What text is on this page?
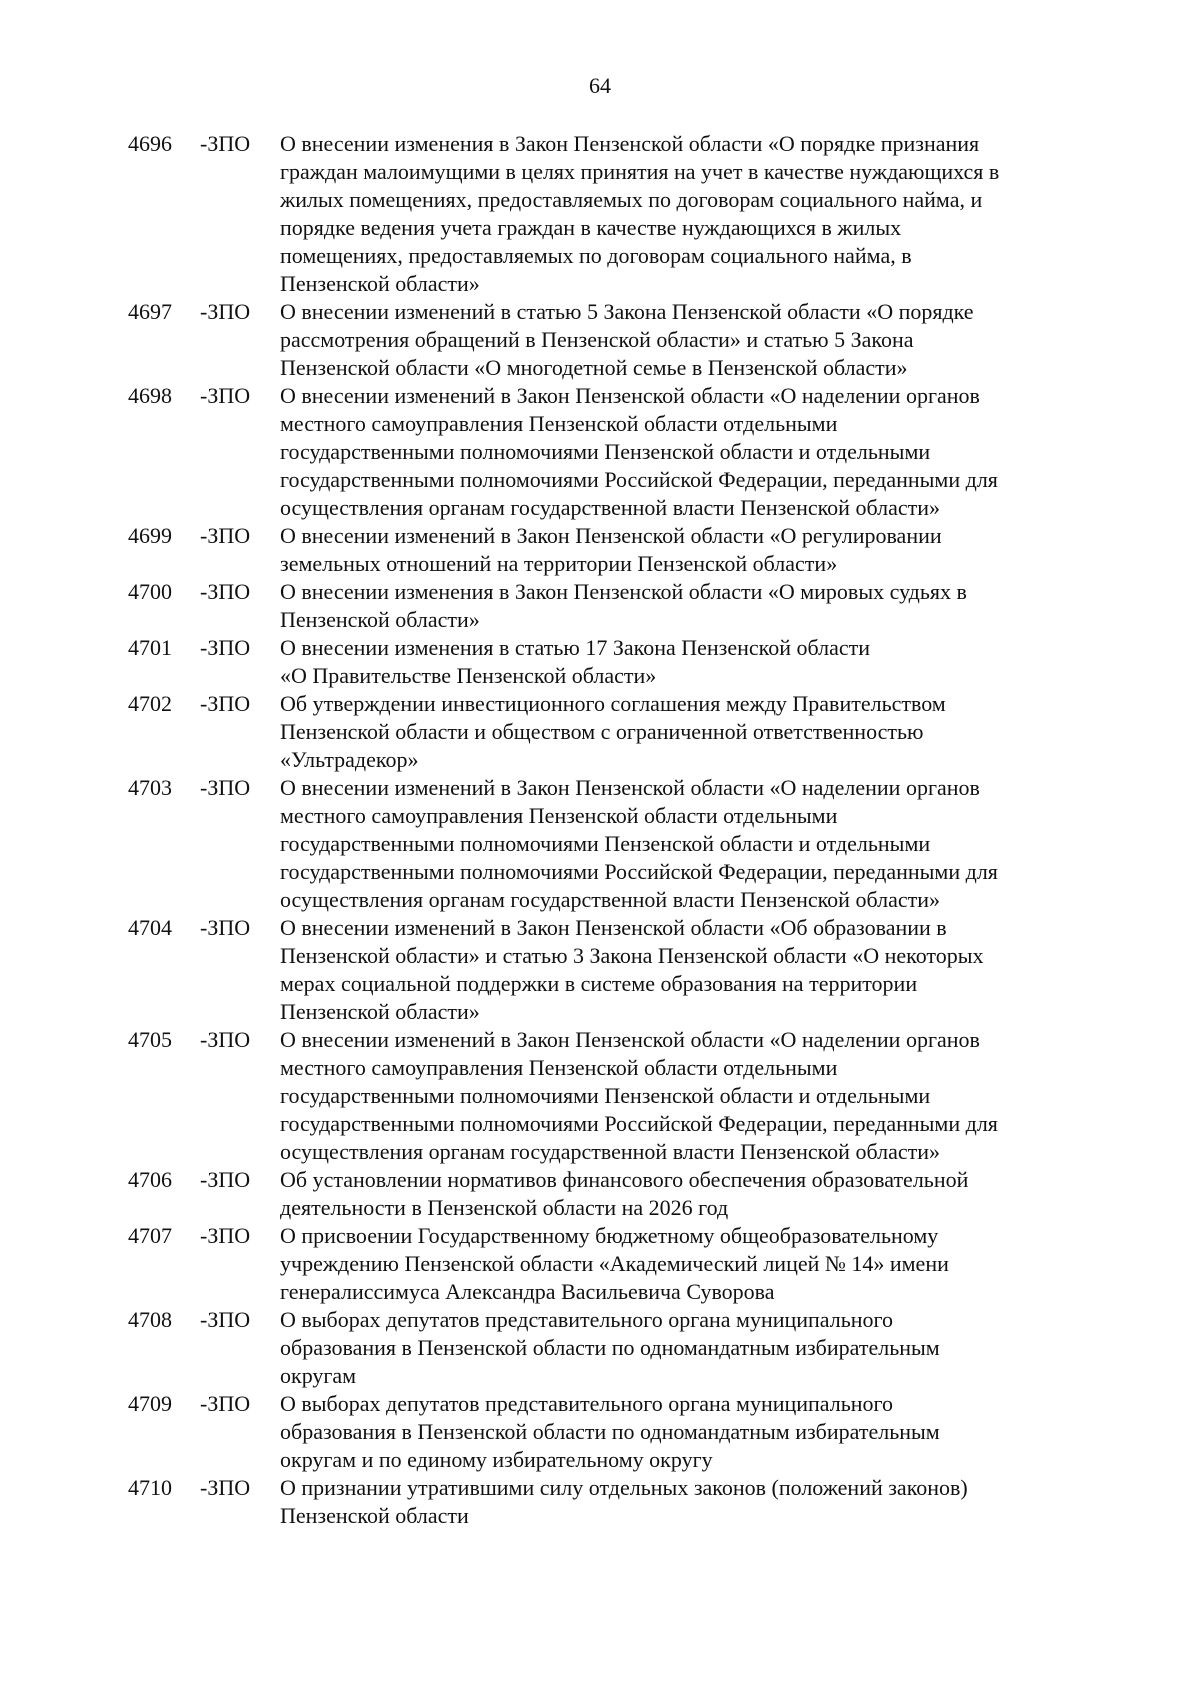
64
4696	-ЗПО	О внесении изменения в Закон Пензенской области «О порядке признания
граждан малоимущими в целях принятия на учет в качестве нуждающихся в
жилых помещениях, предоставляемых по договорам социального найма, и
порядке ведения учета граждан в качестве нуждающихся в жилых
помещениях, предоставляемых по договорам социального найма, в
Пензенской области»
4697	-ЗПО	О внесении изменений в статью 5 Закона Пензенской области «О порядке
рассмотрения обращений в Пензенской области» и статью 5 Закона
Пензенской области «О многодетной семье в Пензенской области»
4698	-ЗПО	О внесении изменений в Закон Пензенской области «О наделении органов
местного самоуправления Пензенской области отдельными
государственными полномочиями Пензенской области и отдельными
государственными полномочиями Российской Федерации, переданными для
осуществления органам государственной власти Пензенской области»
4699	-ЗПО	О внесении изменений в Закон Пензенской области «О регулировании
земельных отношений на территории Пензенской области»
4700	-ЗПО	О внесении изменения в Закон Пензенской области «О мировых судьях в
Пензенской области»
4701	-ЗПО	О внесении изменения в статью 17 Закона Пензенской области
«О Правительстве Пензенской области»
4702	-ЗПО	Об утверждении инвестиционного соглашения между Правительством
Пензенской области и обществом с ограниченной ответственностью
«Ультрадекор»
4703	-ЗПО	О внесении изменений в Закон Пензенской области «О наделении органов
местного самоуправления Пензенской области отдельными
государственными полномочиями Пензенской области и отдельными
государственными полномочиями Российской Федерации, переданными для
осуществления органам государственной власти Пензенской области»
4704	-ЗПО	О внесении изменений в Закон Пензенской области «Об образовании в
Пензенской области» и статью 3 Закона Пензенской области «О некоторых
мерах социальной поддержки в системе образования на территории
Пензенской области»
4705	-ЗПО	О внесении изменений в Закон Пензенской области «О наделении органов
местного самоуправления Пензенской области отдельными
государственными полномочиями Пензенской области и отдельными
государственными полномочиями Российской Федерации, переданными для
осуществления органам государственной власти Пензенской области»
4706	-ЗПО	Об установлении нормативов финансового обеспечения образовательной
деятельности в Пензенской области на 2026 год
4707	-ЗПО	О присвоении Государственному бюджетному общеобразовательному
учреждению Пензенской области «Академический лицей № 14» имени
генералиссимуса Александра Васильевича Суворова
4708	-ЗПО	О выборах депутатов представительного органа муниципального
образования в Пензенской области по одномандатным избирательным
округам
4709	-ЗПО	О выборах депутатов представительного органа муниципального
образования в Пензенской области по одномандатным избирательным
округам и по единому избирательному округу
4710	-ЗПО	О признании утратившими силу отдельных законов (положений законов)
Пензенской области
